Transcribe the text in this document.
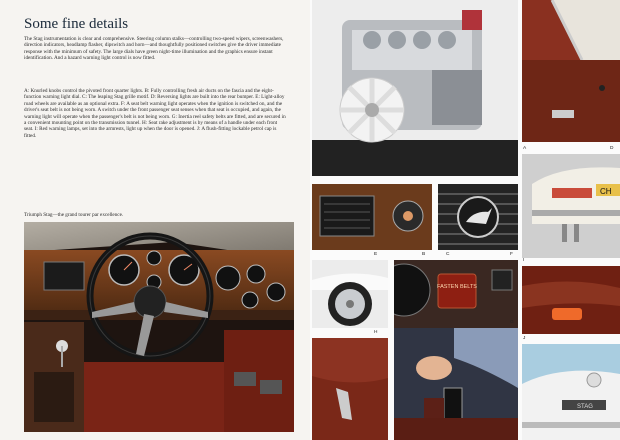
Some fine details

The Stag instrumentation is clear and comprehensive. Steering column stalks—controlling two-speed wipers, screenwashers, direction indicators, headlamp flasher, dipswitch and horn—and thoughtfully positioned switches give the driver immediate response with the minimum of safety. The large dials have green night-time illumination and the graphics ensure instant identification. And a hazard warning light control is now fitted.

A: Knurled knobs control the pivoted front quarter lights. B: Fully controlling fresh air ducts on the fascia and the eight-function warning light dial. C: The leaping Stag grille motif. D: Reversing lights are built into the rear bumper. E: Light-alloy road wheels are available as an optional extra. F: A seat belt warning light operates when the ignition is switched on, and the driver's seat belt is not being worn. A switch under the front passenger seat senses when that seat is occupied, and again, the warning light will operate when the passenger's belt is not being worn. G: Inertia reel safety belts are fitted, and are secured in a convenient mounting point on the transmission tunnel. H: Seat rake adjustment is by means of a handle under each front seat. I: Red warning lamps, set into the armrests, light up when the door is opened. J: A flush-fitting lockable petrol cap is fitted.

Triumph Stag—the grand tourer par excellence.

A	D
CH
I
J
STAG
E	B	C	F
FASTEN BELTS
H
G
